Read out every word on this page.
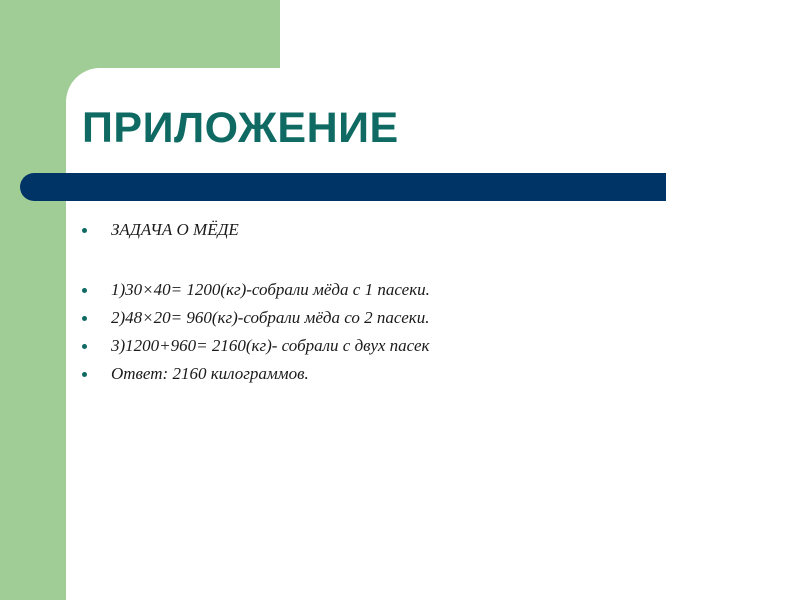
ПРИЛОЖЕНИЕ
ЗАДАЧА О МЁДЕ
1)30×40= 1200(кг)-собрали мёда с 1 пасеки.
2)48×20= 960(кг)-собрали мёда со 2 пасеки.
3)1200+960= 2160(кг)- собрали с двух пасек
Ответ: 2160 килограммов.
